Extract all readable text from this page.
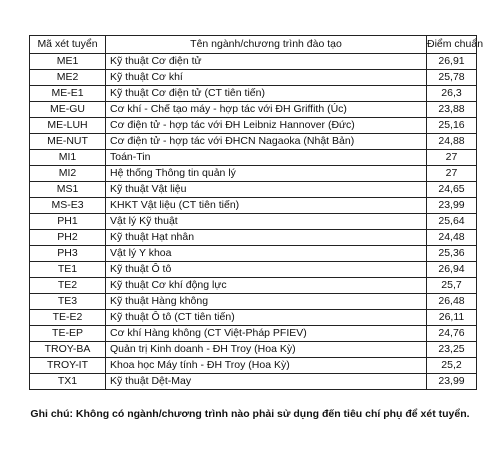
Mã xét tuyển	Tên ngành/chương trình đào tạo	Điểm chuẩn
ME1	Kỹ thuật Cơ điện tử	26,91
ME2	Kỹ thuật Cơ khí	25,78
ME-E1	Kỹ thuật Cơ điện tử (CT tiên tiến)	26,3
ME-GU	Cơ khí - Chế tạo máy - hợp tác với ĐH Griffith (Úc)	23,88
ME-LUH	Cơ điện tử - hợp tác với ĐH Leibniz Hannover (Đức)	25,16
ME-NUT	Cơ điện tử - hợp tác với ĐHCN Nagaoka (Nhật Bản)	24,88
MI1	Toán-Tin	27
MI2	Hệ thống Thông tin quản lý	27
MS1	Kỹ thuật Vật liệu	24,65
MS-E3	KHKT Vật liệu (CT tiên tiến)	23,99
PH1	Vật lý Kỹ thuật	25,64
PH2	Kỹ thuật Hạt nhân	24,48
PH3	Vật lý Y khoa	25,36
TE1	Kỹ thuật Ô tô	26,94
TE2	Kỹ thuật Cơ khí động lực	25,7
TE3	Kỹ thuật Hàng không	26,48
TE-E2	Kỹ thuật Ô tô (CT tiên tiến)	26,11
TE-EP	Cơ khí Hàng không (CT Việt-Pháp PFIEV)	24,76
TROY-BA	Quản trị Kinh doanh - ĐH Troy (Hoa Kỳ)	23,25
TROY-IT	Khoa học Máy tính - ĐH Troy (Hoa Kỳ)	25,2
TX1	Kỹ thuật Dệt-May	23,99
Ghi chú: Không có ngành/chương trình nào phải sử dụng đến tiêu chí phụ để xét tuyển.
